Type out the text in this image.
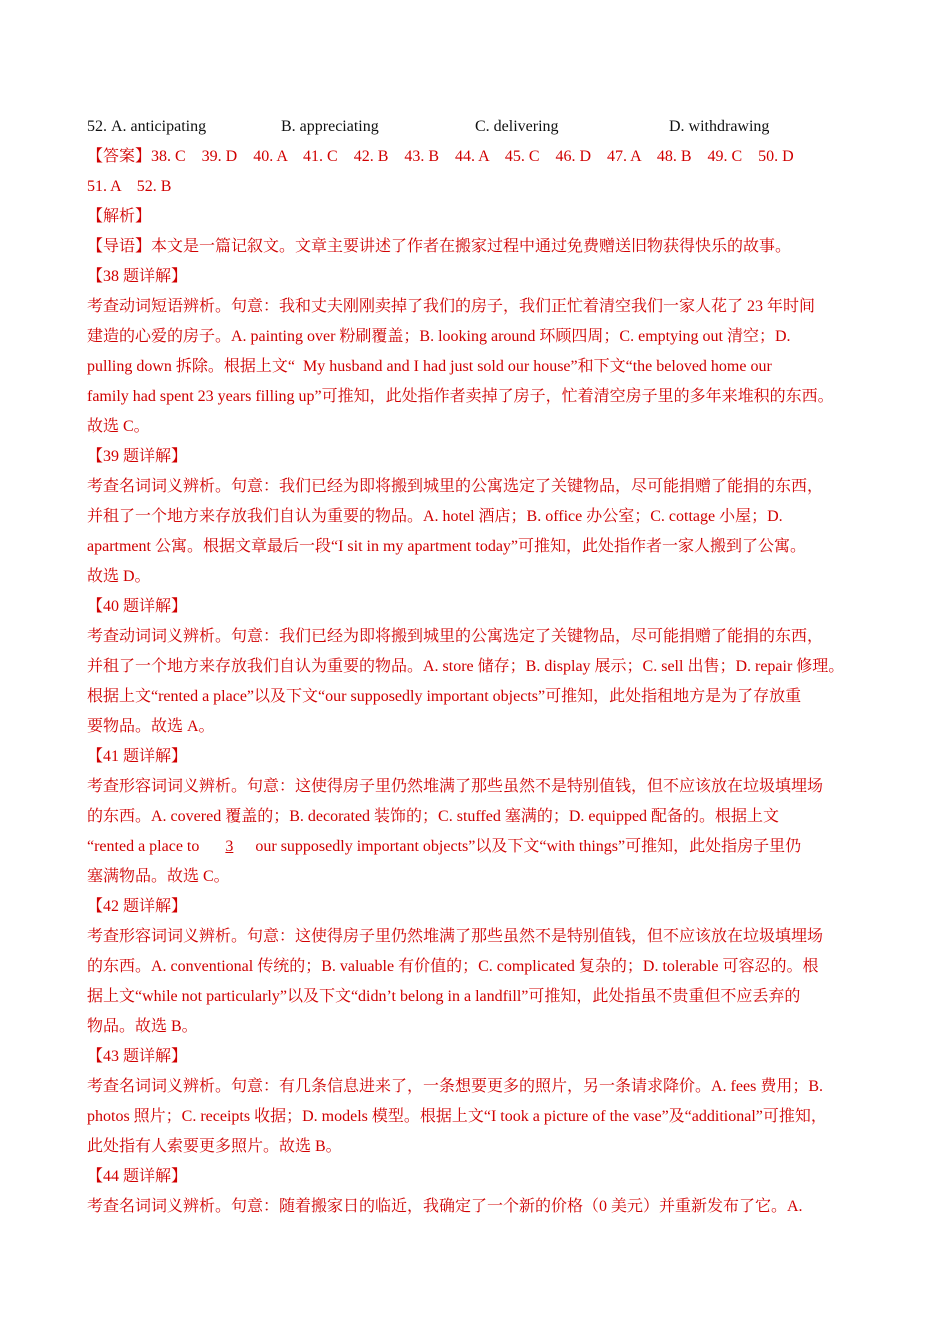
52. A. anticipating	B. appreciating	C. delivering	D. withdrawing
【答案】38. C    39. D    40. A    41. C    42. B    43. B    44. A    45. C    46. D    47. A    48. B    49. C    50. D
51. A    52. B
【解析】
【导语】本文是一篇记叙文。文章主要讲述了作者在搬家过程中通过免费赠送旧物获得快乐的故事。
【38 题详解】
考查动词短语辨析。句意：我和丈夫刚刚卖掉了我们的房子，我们正忙着清空我们一家人花了 23 年时间
建造的心爱的房子。A. painting over 粉刷覆盖；B. looking around 环顾四周；C. emptying out 清空；D.
pulling down 拆除。根据上文“  My husband and I had just sold our house”和下文“the beloved home our
family had spent 23 years filling up”可推知，此处指作者卖掉了房子，忙着清空房子里的多年来堆积的东西。
故选 C。
【39 题详解】
考查名词词义辨析。句意：我们已经为即将搬到城里的公寓选定了关键物品，尽可能捐赠了能捐的东西，
并租了一个地方来存放我们自认为重要的物品。A. hotel 酒店；B. office 办公室；C. cottage 小屋；D.
apartment 公寓。根据文章最后一段“I sit in my apartment today”可推知，此处指作者一家人搬到了公寓。
故选 D。
【40 题详解】
考查动词词义辨析。句意：我们已经为即将搬到城里的公寓选定了关键物品，尽可能捐赠了能捐的东西，
并租了一个地方来存放我们自认为重要的物品。A. store 储存；B. display 展示；C. sell 出售；D. repair 修理。
根据上文“rented a place”以及下文“our supposedly important objects”可推知，此处指租地方是为了存放重
要物品。故选 A。
【41 题详解】
考查形容词词义辨析。句意：这使得房子里仍然堆满了那些虽然不是特别值钱，但不应该放在垃圾填埋场
的东西。A. covered 覆盖的；B. decorated 装饰的；C. stuffed 塞满的；D. equipped 配备的。根据上文
“rented a place to  3 our supposedly important objects”以及下文“with things”可推知，此处指房子里仍
塞满物品。故选 C。
【42 题详解】
考查形容词词义辨析。句意：这使得房子里仍然堆满了那些虽然不是特别值钱，但不应该放在垃圾填埋场
的东西。A. conventional 传统的；B. valuable 有价值的；C. complicated 复杂的；D. tolerable 可容忍的。根
据上文“while not particularly”以及下文“didn’t belong in a landfill”可推知，此处指虽不贵重但不应丢弃的
物品。故选 B。
【43 题详解】
考查名词词义辨析。句意：有几条信息进来了，一条想要更多的照片，另一条请求降价。A. fees 费用；B.
photos 照片；C. receipts 收据；D. models 模型。根据上文“I took a picture of the vase”及“additional”可推知，
此处指有人索要更多照片。故选 B。
【44 题详解】
考查名词词义辨析。句意：随着搬家日的临近，我确定了一个新的价格（0 美元）并重新发布了它。A.
